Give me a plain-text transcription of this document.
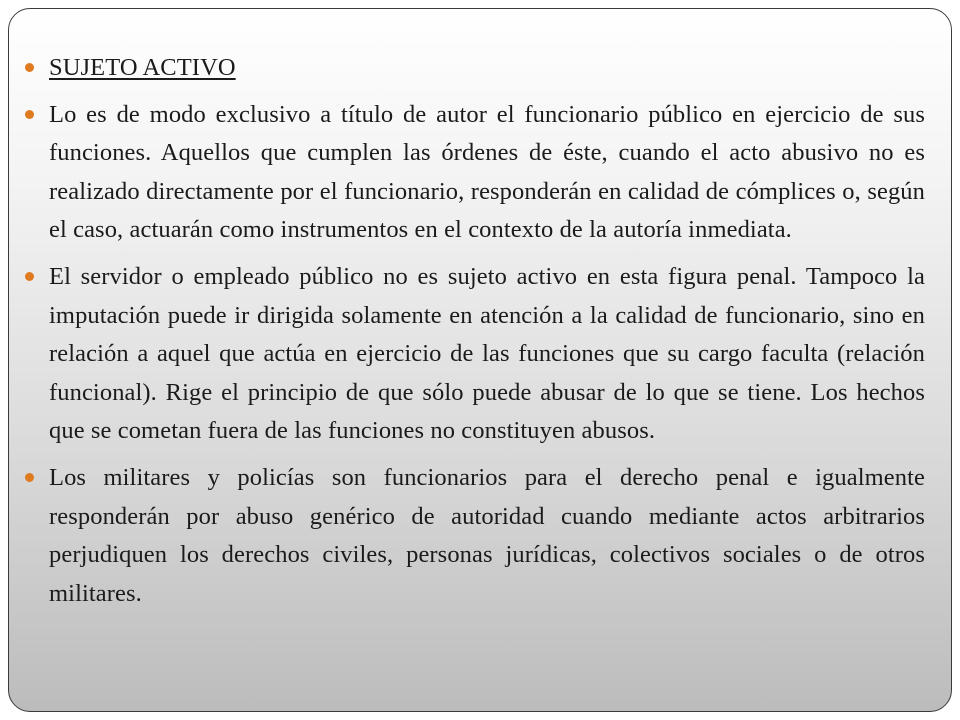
SUJETO ACTIVO
Lo es de modo exclusivo a título de autor el funcionario público en ejercicio de sus funciones. Aquellos que cumplen las órdenes de éste, cuando el acto abusivo no es realizado directamente por el funcionario, responderán en calidad de cómplices o, según el caso, actuarán como instrumentos en el contexto de la autoría inmediata.
El servidor o empleado público no es sujeto activo en esta figura penal. Tampoco la imputación puede ir dirigida solamente en atención a la calidad de funcionario, sino en relación a aquel que actúa en ejercicio de las funciones que su cargo faculta (relación funcional). Rige el principio de que sólo puede abusar de lo que se tiene. Los hechos que se cometan fuera de las funciones no constituyen abusos.
Los militares y policías son funcionarios para el derecho penal e igualmente responderán por abuso genérico de autoridad cuando mediante actos arbitrarios perjudiquen los derechos civiles, personas jurídicas, colectivos sociales o de otros militares.
